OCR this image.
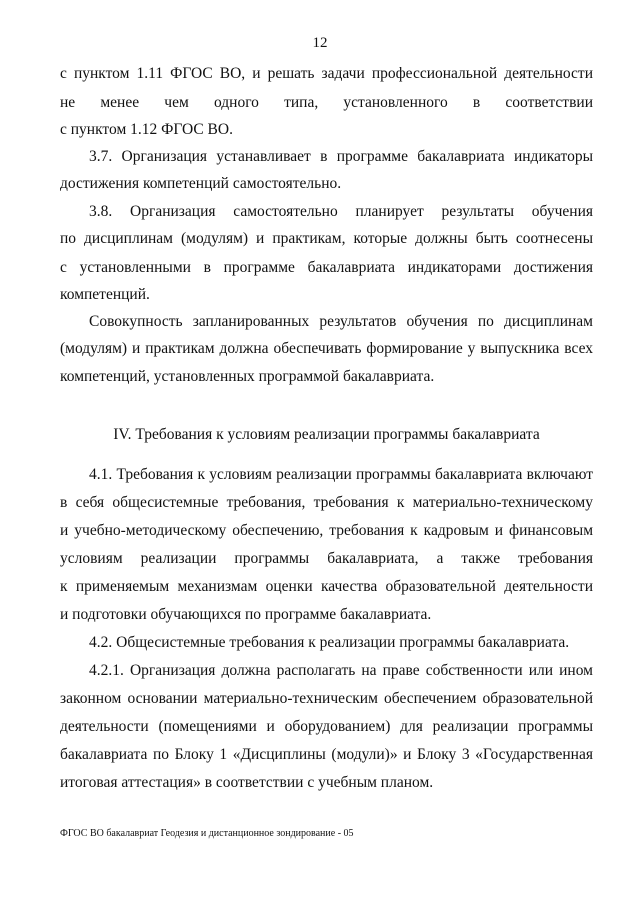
12
с пунктом 1.11 ФГОС ВО, и решать задачи профессиональной деятельности
не менее чем одного типа, установленного в соответствии
с пунктом 1.12 ФГОС ВО.
3.7. Организация устанавливает в программе бакалавриата индикаторы
достижения компетенций самостоятельно.
3.8. Организация самостоятельно планирует результаты обучения
по дисциплинам (модулям) и практикам, которые должны быть соотнесены
с установленными в программе бакалавриата индикаторами достижения
компетенций.
Совокупность запланированных результатов обучения по дисциплинам
(модулям) и практикам должна обеспечивать формирование у выпускника всех
компетенций, установленных программой бакалавриата.
IV. Требования к условиям реализации программы бакалавриата
4.1. Требования к условиям реализации программы бакалавриата включают
в себя общесистемные требования, требования к материально-техническому
и учебно-методическому обеспечению, требования к кадровым и финансовым
условиям реализации программы бакалавриата, а также требования
к применяемым механизмам оценки качества образовательной деятельности
и подготовки обучающихся по программе бакалавриата.
4.2. Общесистемные требования к реализации программы бакалавриата.
4.2.1. Организация должна располагать на праве собственности или ином
законном основании материально-техническим обеспечением образовательной
деятельности (помещениями и оборудованием) для реализации программы
бакалавриата по Блоку 1 «Дисциплины (модули)» и Блоку 3 «Государственная
итоговая аттестация» в соответствии с учебным планом.
ФГОС ВО бакалавриат Геодезия и дистанционное зондирование - 05
